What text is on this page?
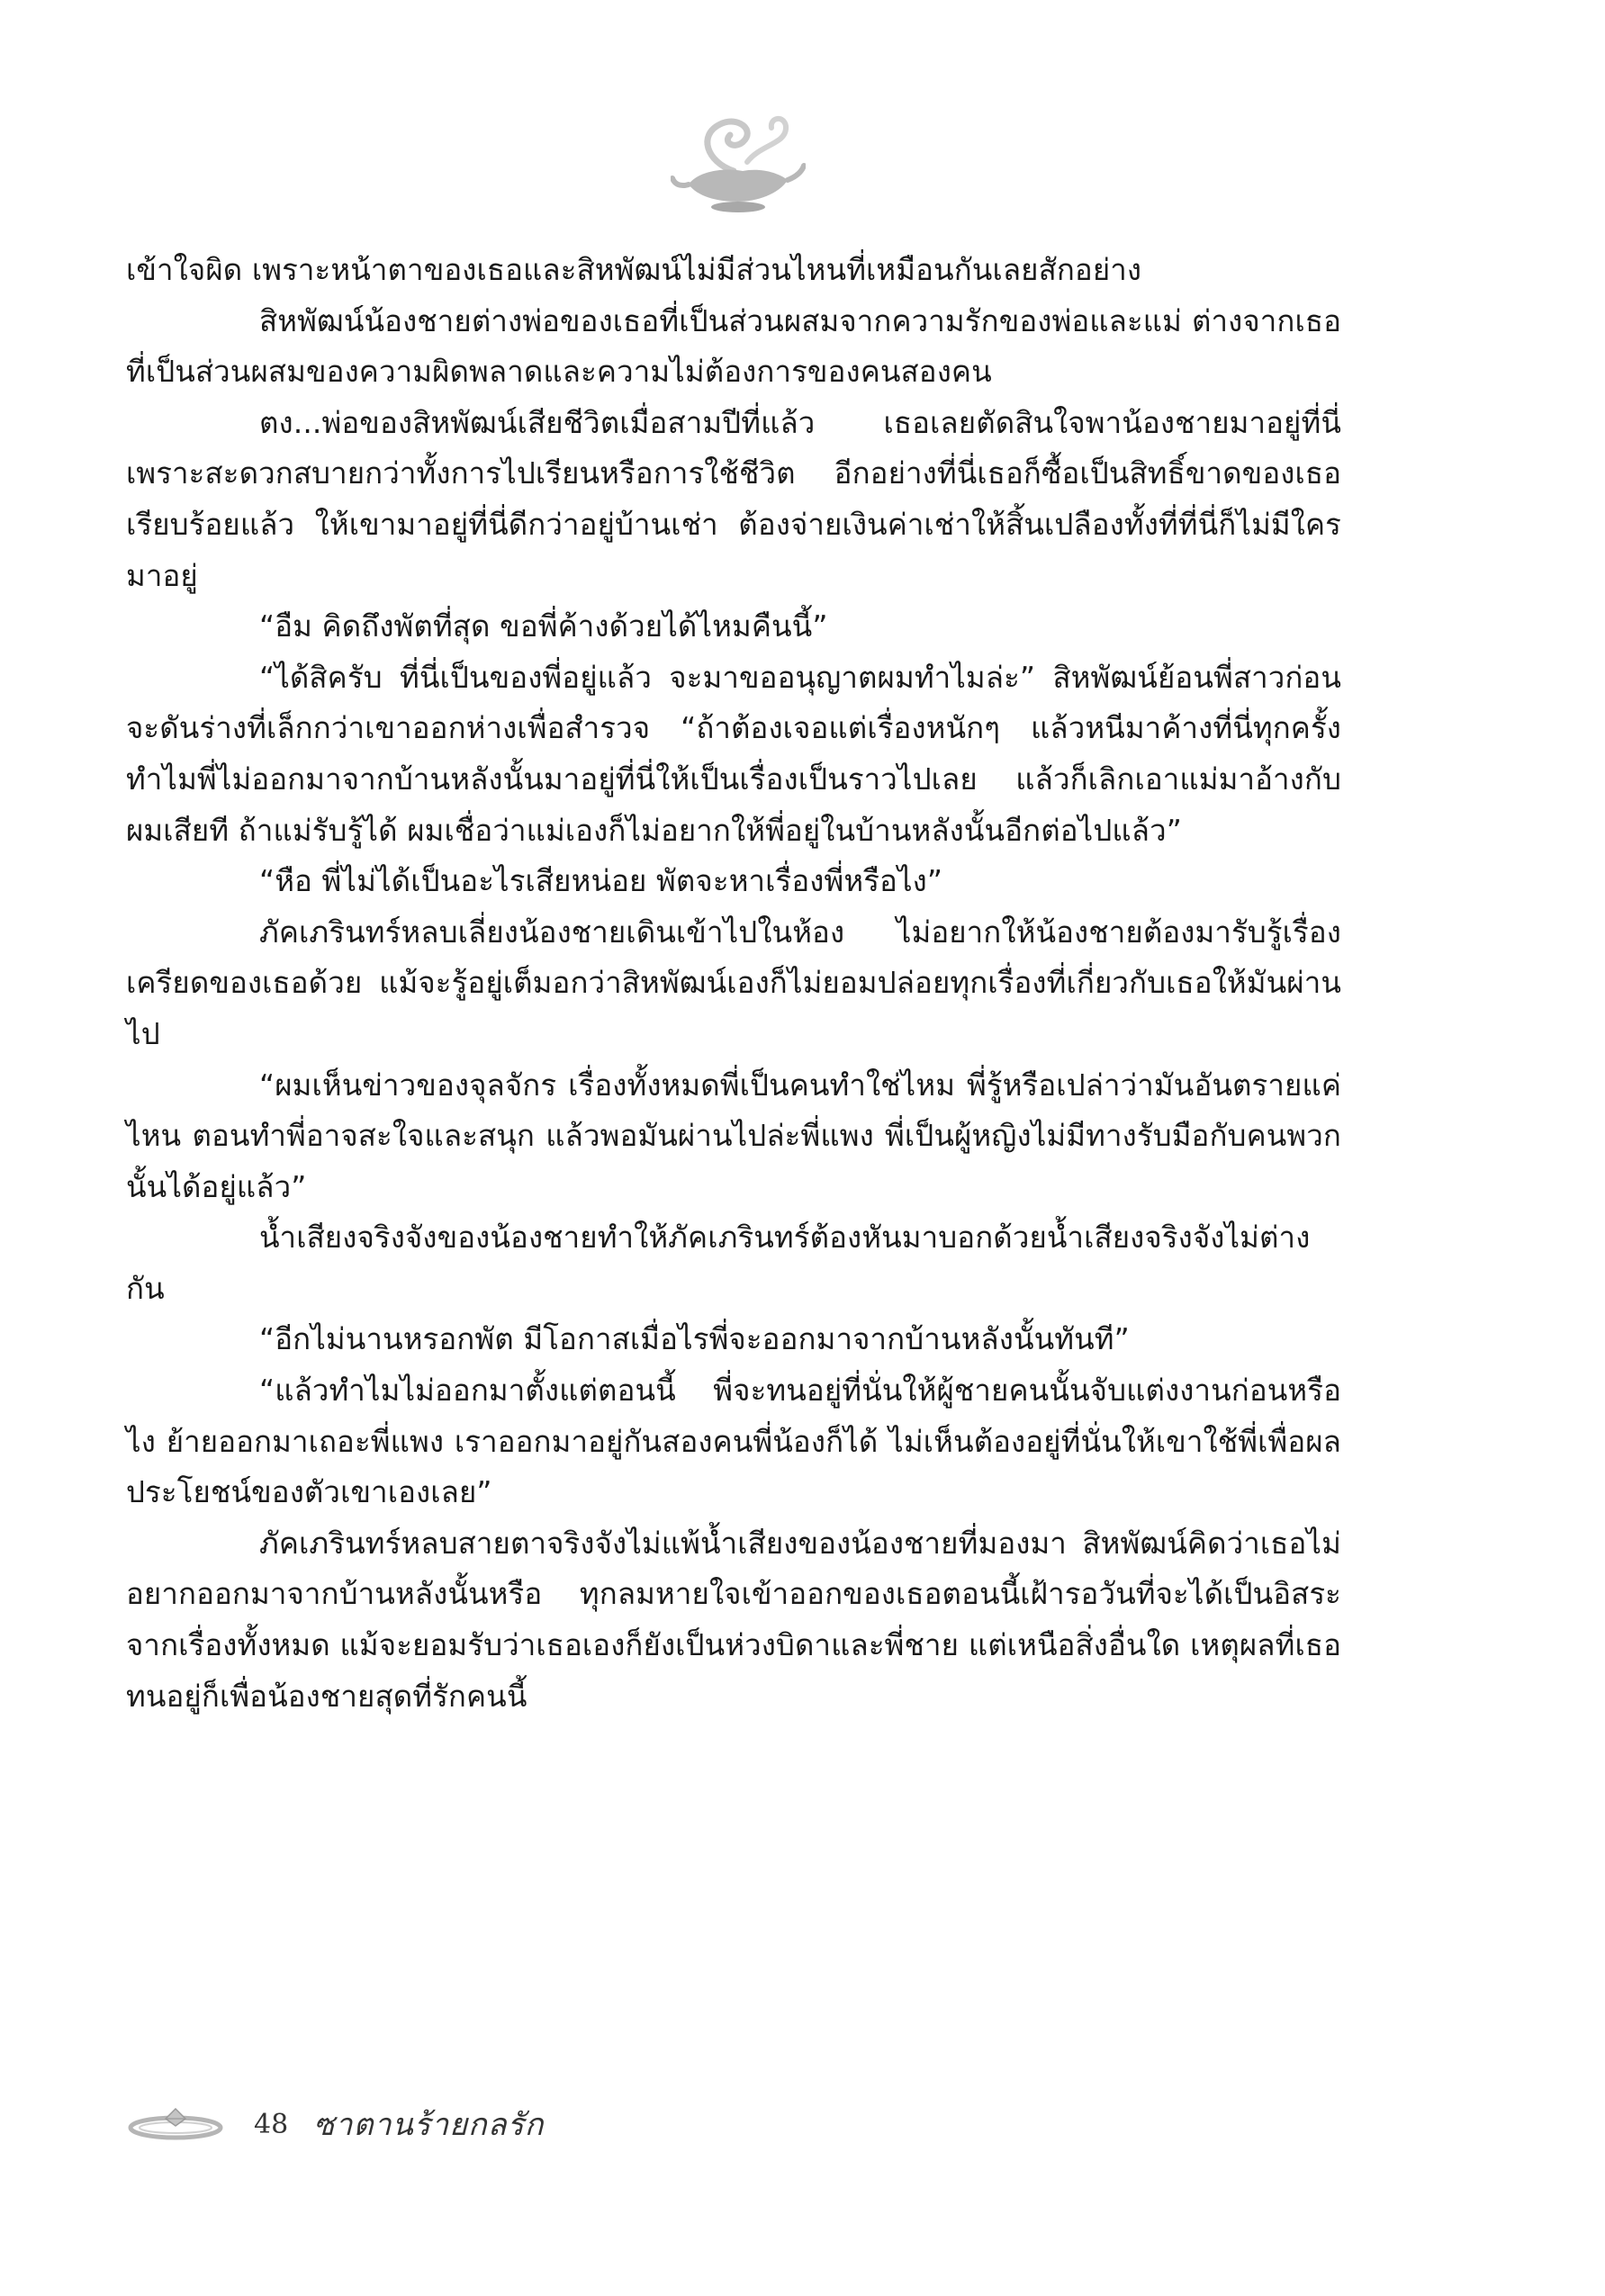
เข้าใจผิด เพราะหน้าตาของเธอและสิหพัฒน์ไม่มีส่วนไหนที่เหมือนกันเลยสักอย่าง

สิหพัฒน์น้องชายต่างพ่อของเธอที่เป็นส่วนผสมจากความรักของพ่อและแม่ ต่างจากเธอที่เป็นส่วนผสมของความผิดพลาดและความไม่ต้องการของคนสองคน

ตง...พ่อของสิหพัฒน์เสียชีวิตเมื่อสามปีที่แล้ว เธอเลยตัดสินใจพาน้องชายมาอยู่ที่นี่ เพราะสะดวกสบายกว่าทั้งการไปเรียนหรือการใช้ชีวิต อีกอย่างที่นี่เธอก็ซื้อเป็นสิทธิ์ขาดของเธอเรียบร้อยแล้ว ให้เขามาอยู่ที่นี่ดีกว่าอยู่บ้านเช่า ต้องจ่ายเงินค่าเช่าให้สิ้นเปลืองทั้งที่ที่นี่ก็ไม่มีใครมาอยู่

“อืม คิดถึงพัตที่สุด ขอพี่ค้างด้วยได้ไหมคืนนี้”

“ได้สิครับ ที่นี่เป็นของพี่อยู่แล้ว จะมาขออนุญาตผมทำไมล่ะ” สิหพัฒน์ย้อนพี่สาวก่อนจะดันร่างที่เล็กกว่าเขาออกห่างเพื่อสำรวจ “ถ้าต้องเจอแต่เรื่องหนักๆ แล้วหนีมาค้างที่นี่ทุกครั้ง ทำไมพี่ไม่ออกมาจากบ้านหลังนั้นมาอยู่ที่นี่ให้เป็นเรื่องเป็นราวไปเลย แล้วก็เลิกเอาแม่มาอ้างกับผมเสียที ถ้าแม่รับรู้ได้ ผมเชื่อว่าแม่เองก็ไม่อยากให้พี่อยู่ในบ้านหลังนั้นอีกต่อไปแล้ว”

“หือ พี่ไม่ได้เป็นอะไรเสียหน่อย พัตจะหาเรื่องพี่หรือไง”

ภัคเภรินทร์หลบเลี่ยงน้องชายเดินเข้าไปในห้อง ไม่อยากให้น้องชายต้องมารับรู้เรื่องเครียดของเธอด้วย แม้จะรู้อยู่เต็มอกว่าสิหพัฒน์เองก็ไม่ยอมปล่อยทุกเรื่องที่เกี่ยวกับเธอให้มันผ่านไป

“ผมเห็นข่าวของจุลจักร เรื่องทั้งหมดพี่เป็นคนทำใช่ไหม พี่รู้หรือเปล่าว่ามันอันตรายแค่ไหน ตอนทำพี่อาจสะใจและสนุก แล้วพอมันผ่านไปล่ะพี่แพง พี่เป็นผู้หญิงไม่มีทางรับมือกับคนพวกนั้นได้อยู่แล้ว”

น้ำเสียงจริงจังของน้องชายทำให้ภัคเภรินทร์ต้องหันมาบอกด้วยน้ำเสียงจริงจังไม่ต่างกัน

“อีกไม่นานหรอกพัต มีโอกาสเมื่อไรพี่จะออกมาจากบ้านหลังนั้นทันที”

“แล้วทำไมไม่ออกมาตั้งแต่ตอนนี้ พี่จะทนอยู่ที่นั่นให้ผู้ชายคนนั้นจับแต่งงานก่อนหรือไง ย้ายออกมาเถอะพี่แพง เราออกมาอยู่กันสองคนพี่น้องก็ได้ ไม่เห็นต้องอยู่ที่นั่นให้เขาใช้พี่เพื่อผลประโยชน์ของตัวเขาเองเลย”

ภัคเภรินทร์หลบสายตาจริงจังไม่แพ้น้ำเสียงของน้องชายที่มองมา สิหพัฒน์คิดว่าเธอไม่อยากออกมาจากบ้านหลังนั้นหรือ ทุกลมหายใจเข้าออกของเธอตอนนี้เฝ้ารอวันที่จะได้เป็นอิสระจากเรื่องทั้งหมด แม้จะยอมรับว่าเธอเองก็ยังเป็นห่วงบิดาและพี่ชาย แต่เหนือสิ่งอื่นใด เหตุผลที่เธอทนอยู่ก็เพื่อน้องชายสุดที่รักคนนี้

48 ซาตานร้ายกลรัก
